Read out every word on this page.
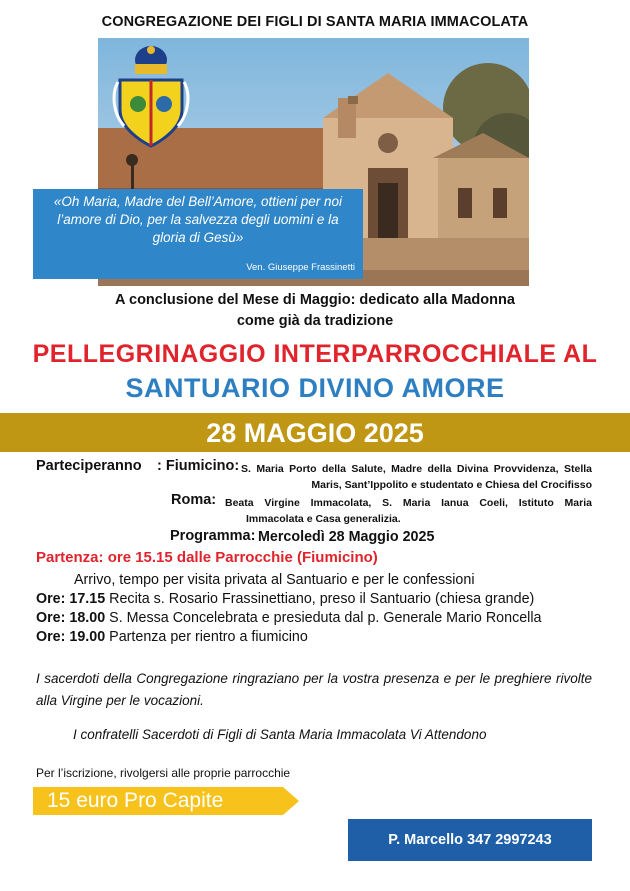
CONGREGAZIONE DEI FIGLI DI SANTA MARIA IMMACOLATA
«Oh Maria, Madre del Bell’Amore, ottieni per noi l’amore di Dio, per la salvezza degli uomini e la gloria di Gesù»
Ven. Giuseppe Frassinetti
A conclusione del Mese di Maggio: dedicato alla Madonna
come già da tradizione
PELLEGRINAGGIO INTERPARROCCHIALE AL
SANTUARIO DIVINO AMORE
28 MAGGIO 2025
Parteciperanno : Fiumicino: S. Maria Porto della Salute, Madre della Divina Provvidenza, Stella
Maris, Sant’Ippolito e studentato e Chiesa del Crocifisso
Roma: Beata Virgine Immacolata, S. Maria Ianua Coeli, Istituto Maria
Immacolata e Casa generalizia.
Programma: Mercoledì 28 Maggio 2025
Partenza: ore 15.15 dalle Parrocchie (Fiumicino)
Arrivo, tempo per visita privata al Santuario e per le confessioni
Ore: 17.15 Recita s. Rosario Frassinettiano, preso il Santuario (chiesa grande)
Ore: 18.00 S. Messa Concelebrata e presieduta dal p. Generale Mario Roncella
Ore: 19.00 Partenza per rientro a fiumicino
I sacerdoti della Congregazione ringraziano per la vostra presenza e per le preghiere rivolte alla Virgine per le vocazioni.
I confratelli Sacerdoti di Figli di Santa Maria Immacolata Vi Attendono
Per l’iscrizione, rivolgersi alle proprie parrocchie
15 euro Pro Capite
P. Marcello 347 2997243
